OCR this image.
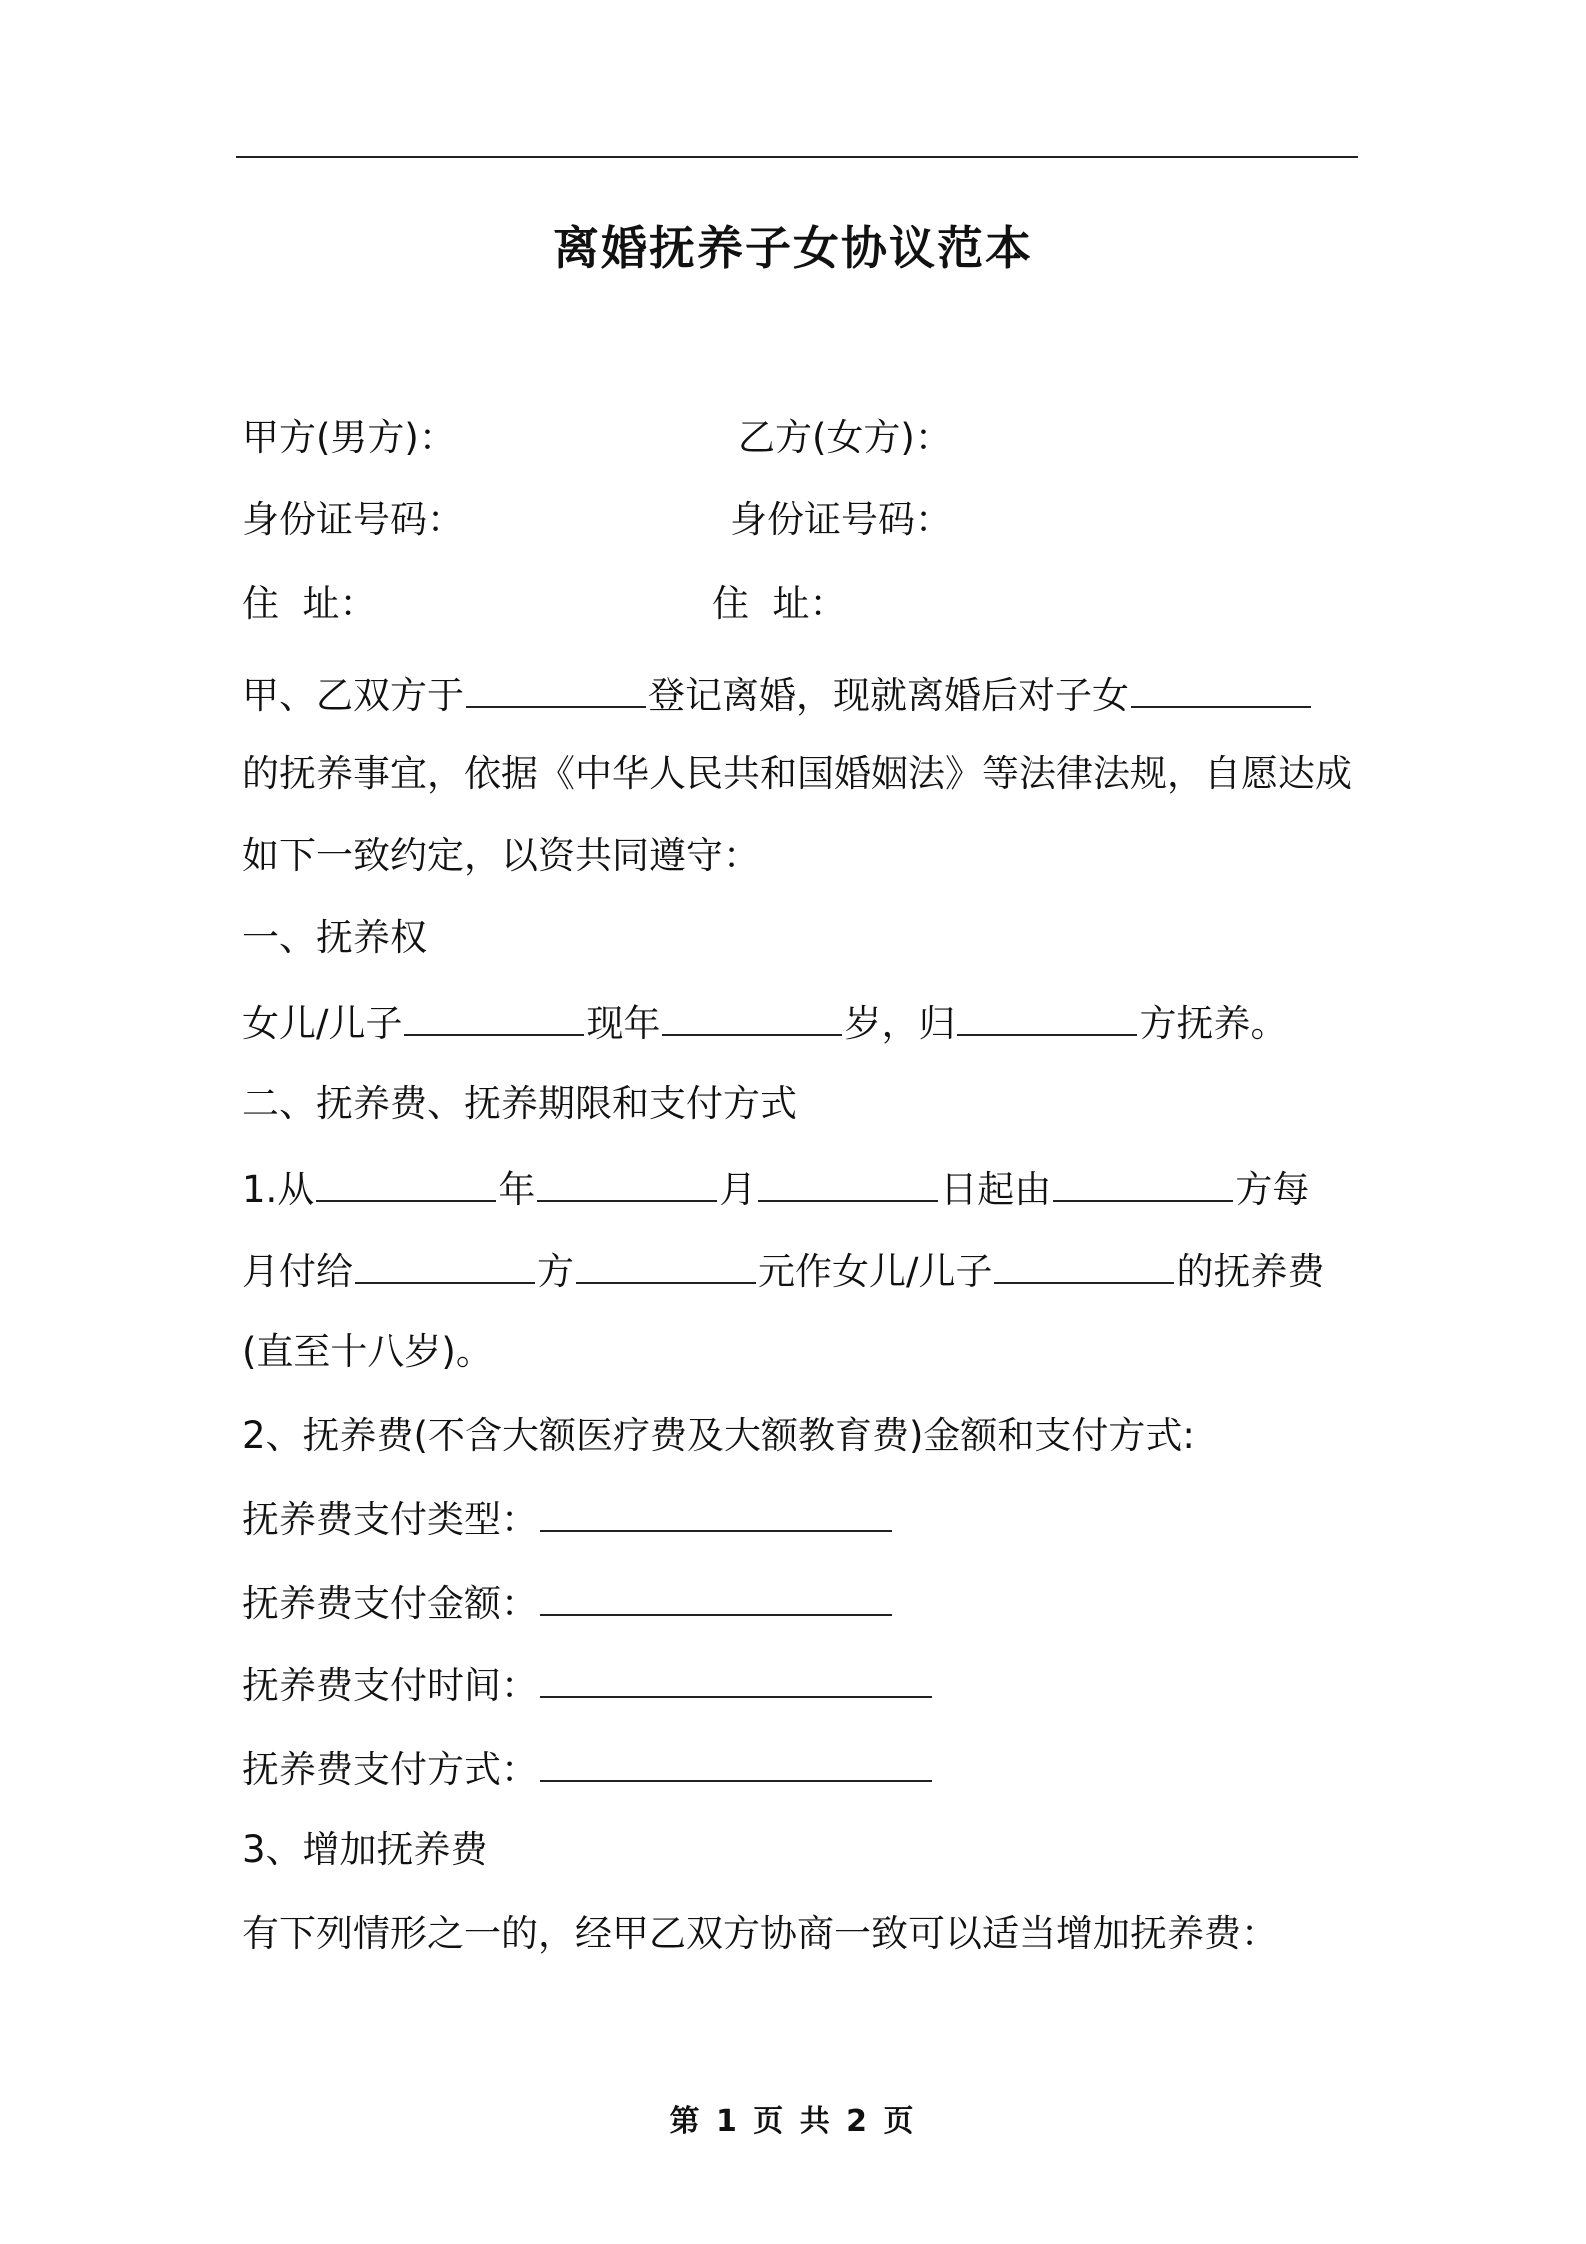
离婚抚养子女协议范本
甲方(男方)：	乙方(女方)：
身份证号码：	身份证号码：
住  址：	住  址：
甲、乙双方于	登记离婚，现就离婚后对子女
的抚养事宜，依据《中华人民共和国婚姻法》等法律法规，自愿达成
如下一致约定，以资共同遵守：
一、抚养权
女儿/儿子	现年	岁，归	方抚养。
二、抚养费、抚养期限和支付方式
1.从	年	月	日起由	方每
月付给	方	元作女儿/儿子	的抚养费
(直至十八岁)。
2、抚养费(不含大额医疗费及大额教育费)金额和支付方式:
抚养费支付类型：
抚养费支付金额：
抚养费支付时间：
抚养费支付方式：
3、增加抚养费
有下列情形之一的，经甲乙双方协商一致可以适当增加抚养费：
第 1 页 共 2 页
